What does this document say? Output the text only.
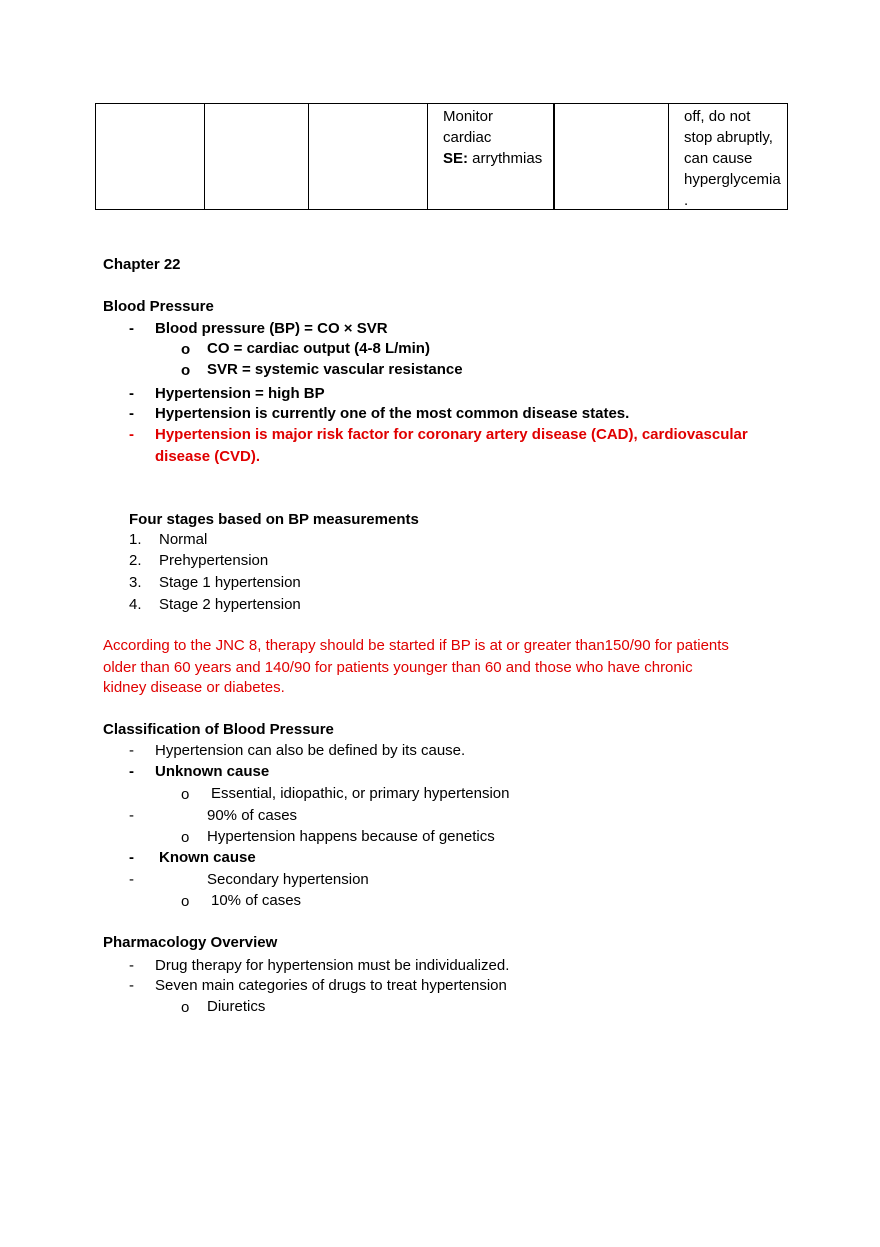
Monitor
cardiac
SE: arrythmias
off, do not
stop abruptly,
can cause
hyperglycemia
.
Chapter 22
Blood Pressure
- Blood pressure (BP) = CO × SVR
o CO = cardiac output (4-8 L/min)
o SVR = systemic vascular resistance
- Hypertension = high BP
- Hypertension is currently one of the most common disease states.
- Hypertension is major risk factor for coronary artery disease (CAD), cardiovascular
disease (CVD).
Four stages based on BP measurements
1. Normal
2. Prehypertension
3. Stage 1 hypertension
4. Stage 2 hypertension
According to the JNC 8, therapy should be started if BP is at or greater than150/90 for patients
older than 60 years and 140/90 for patients younger than 60 and those who have chronic
kidney disease or diabetes.
Classification of Blood Pressure
- Hypertension can also be defined by its cause.
- Unknown cause
o Essential, idiopathic, or primary hypertension
-	90% of cases
o Hypertension happens because of genetics
- Known cause
-	Secondary hypertension
o 10% of cases
Pharmacology Overview
- Drug therapy for hypertension must be individualized.
- Seven main categories of drugs to treat hypertension
o Diuretics
